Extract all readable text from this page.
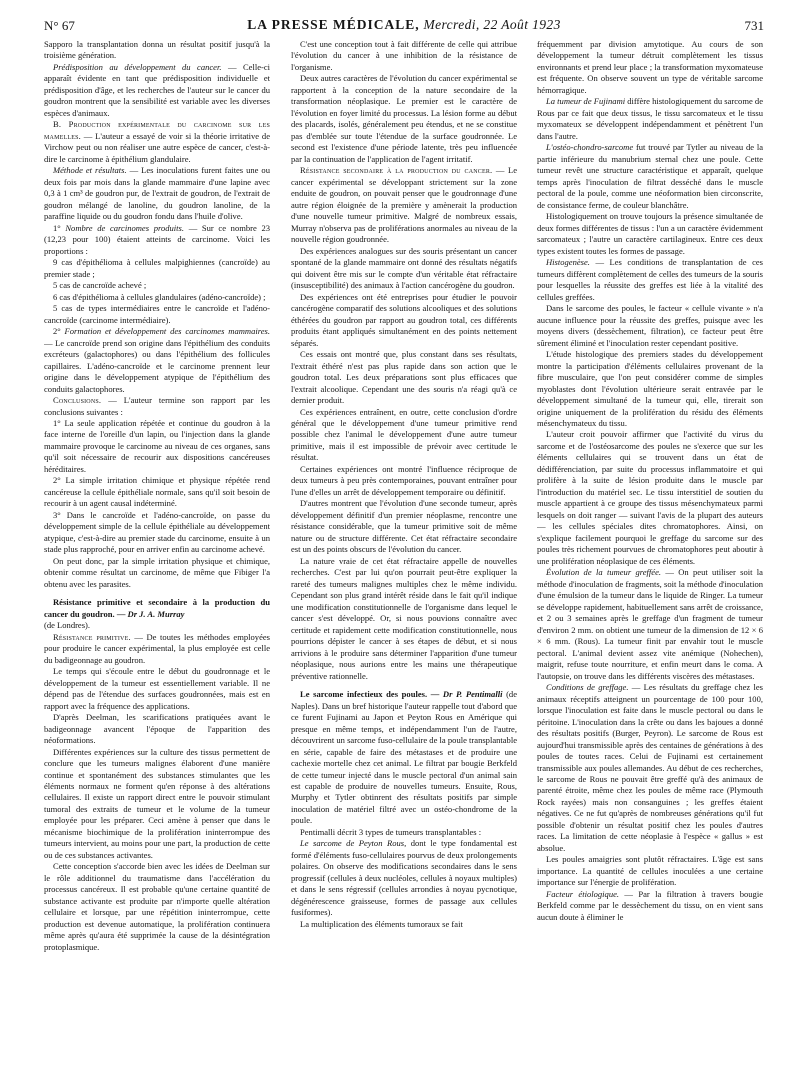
N° 67	LA PRESSE MÉDICALE, Mercredi, 22 Août 1923	731

Sapporo la transplantation donna un résultat positif jusqu'à la troisième génération.

Prédisposition au développement du cancer. — Celle-ci apparaît évidente en tant que prédisposition individuelle et prédisposition d'âge, et les recherches de l'auteur sur le cancer du goudron montrent que la sensibilité est variable avec les diverses espèces d'animaux.

B. Production expérimentale du carcinome sur les mamelles. — L'auteur a essayé de voir si la théorie irritative de Virchow peut ou non réaliser une autre espèce de cancer, c'est-à-dire le carcinome à épithélium glandulaire.

Méthode et résultats. — Les inoculations furent faites une ou deux fois par mois dans la glande mammaire d'une lapine avec 0,3 à 1 cm³ de goudron pur, de l'extrait de goudron, de l'extrait de goudron mélangé de lanoline, du goudron lanoline, de la paraffine liquide ou du goudron fondu dans l'huile d'olive.

1° Nombre de carcinomes produits. — Sur ce nombre 23 (12,23 pour 100) étaient atteints de carcinome. Voici les proportions :

9 cas d'épithélioma à cellules malpighiennes (cancroïde) au premier stade ;

5 cas de cancroïde achevé ;

6 cas d'épithélioma à cellules glandulaires (adéno-cancroïde) ;

5 cas de types intermédiaires entre le cancroïde et l'adéno-cancroïde (carcinome intermédiaire).

2° Formation et développement des carcinomes mammaires. — Le cancroïde prend son origine dans l'épithélium des conduits excréteurs (galactophores) ou dans l'épithélium des follicules capillaires. L'adéno-cancroïde et le carcinome prennent leur origine dans le développement atypique de l'épithélium des conduits galactophores.

Conclusions. — L'auteur termine son rapport par les conclusions suivantes :

1° La seule application répétée et continue du goudron à la face interne de l'oreille d'un lapin, ou l'injection dans la glande mammaire provoque le carcinome au niveau de ces organes, sans qu'il soit nécessaire de recourir aux dispositions cancéreuses héréditaires.

2° La simple irritation chimique et physique répétée rend cancéreuse la cellule épithéliale normale, sans qu'il soit besoin de recourir à un agent causal indéterminé.

3° Dans le cancroïde et l'adéno-cancroïde, on passe du développement simple de la cellule épithéliale au développement atypique, c'est-à-dire au premier stade du carcinome, ensuite à un stade plus rapproché, pour en arriver enfin au carcinome achevé.

On peut donc, par la simple irritation physique et chimique, obtenir comme résultat un carcinome, de même que Fibiger l'a obtenu avec les parasites.

Résistance primitive et secondaire à la production du cancer du goudron. — Dr J. A. Murray

(de Londres).

Résistance primitive. — De toutes les méthodes employées pour produire le cancer expérimental, la plus employée est celle du badigeonnage au goudron.

Le temps qui s'écoule entre le début du goudronnage et le développement de la tumeur est essentiellement variable. Il ne dépend pas de l'étendue des surfaces goudronnées, mais est en rapport avec la fréquence des applications.

D'après Deelman, les scarifications pratiquées avant le badigeonnage avancent l'époque de l'apparition des néoformations.

Différentes expériences sur la culture des tissus permettent de conclure que les tumeurs malignes élaborent d'une manière continue et spontanément des substances stimulantes que les éléments normaux ne forment qu'en réponse à des altérations cellulaires. Il existe un rapport direct entre le pouvoir stimulant tumoral des extraits de tumeur et le volume de la tumeur employée pour les préparer. Ceci amène à penser que dans le mécanisme biochimique de la prolifération ininterrompue des tumeurs intervient, au moins pour une part, la production de cette ou de ces substances activantes.

Cette conception s'accorde bien avec les idées de Deelman sur le rôle additionnel du traumatisme dans l'accélération du processus cancéreux. Il est probable qu'une certaine quantité de substance activante est produite par n'importe quelle altération cellulaire et lorsque, par une répétition ininterrompue, cette production est devenue automatique, la prolifération continuera même après qu'aura été supprimée la cause de la désintégration protoplasmique.

C'est une conception tout à fait différente de celle qui attribue l'évolution du cancer à une inhibition de la résistance de l'organisme.

Deux autres caractères de l'évolution du cancer expérimental se rapportent à la conception de la nature secondaire de la transformation néoplasique. Le premier est le caractère de l'évolution en foyer limité du processus. La lésion forme au début des placards, isolés, généralement peu étendus, et ne se constitue pas d'emblée sur toute l'étendue de la surface goudronnée. Le second est l'existence d'une période latente, très peu influencée par la continuation de l'application de l'agent irritatif.

Résistance secondaire à la production du cancer. — Le cancer expérimental se développant strictement sur la zone enduite de goudron, on pouvait penser que le goudronnage d'une autre région éloignée de la première y amènerait la production d'une nouvelle tumeur primitive. Malgré de nombreux essais, Murray n'observa pas de proliférations anormales au niveau de la nouvelle région goudronnée.

Des expériences analogues sur des souris présentant un cancer spontané de la glande mammaire ont donné des résultats négatifs qui doivent être mis sur le compte d'un véritable état réfractaire (insusceptibilité) des animaux à l'action cancérogène du goudron.

Des expériences ont été entreprises pour étudier le pouvoir cancérogène comparatif des solutions alcooliques et des solutions éthérées du goudron par rapport au goudron total, ces différents produits étant appliqués simultanément en des points nettement séparés.

Ces essais ont montré que, plus constant dans ses résultats, l'extrait éthéré n'est pas plus rapide dans son action que le goudron total. Les deux préparations sont plus efficaces que l'extrait alcoolique. Cependant une des souris n'a réagi qu'à ce dernier produit.

Ces expériences entraînent, en outre, cette conclusion d'ordre général que le développement d'une tumeur primitive rend possible chez l'animal le développement d'une autre tumeur primitive, mais il est impossible de prévoir avec certitude le résultat.

Certaines expériences ont montré l'influence réciproque de deux tumeurs à peu près contemporaines, pouvant entraîner pour l'une d'elles un arrêt de développement temporaire ou définitif.

D'autres montrent que l'évolution d'une seconde tumeur, après développement définitif d'un premier néoplasme, rencontre une résistance considérable, que la tumeur primitive soit de même nature ou de structure différente. Cet état réfractaire secondaire est un des points obscurs de l'évolution du cancer.

La nature vraie de cet état réfractaire appelle de nouvelles recherches. C'est par lui qu'on pourrait peut-être expliquer la rareté des tumeurs malignes multiples chez le même individu. Cependant son plus grand intérêt réside dans le fait qu'il indique une modification constitutionnelle de l'organisme dans lequel le cancer s'est développé. Or, si nous pouvions connaître avec certitude et rapidement cette modification constitutionnelle, nous pourrions dépister le cancer à ses étapes de début, et si nous arrivions à le produire sans déterminer l'apparition d'une tumeur néoplasique, nous aurions entre les mains une thérapeutique préventive rationnelle.

Le sarcome infectieux des poules. — Dr P. Pentimalli (de Naples). Dans un bref historique l'auteur rappelle tout d'abord que ce furent Fujinami au Japon et Peyton Rous en Amérique qui presque en même temps, et indépendamment l'un de l'autre, découvrirent un sarcome fuso-cellulaire de la poule transplantable en série, capable de faire des métastases et de produire une cachexie mortelle chez cet animal. Le filtrat par bougie Berkfeld de cette tumeur injecté dans le muscle pectoral d'un animal sain est capable de produire de nouvelles tumeurs. Ensuite, Rous, Murphy et Tytler obtinrent des résultats positifs par simple inoculation de matériel filtré avec un ostéo-chondrome de la poule.

Pentimalli décrit 3 types de tumeurs transplantables :

Le sarcome de Peyton Rous, dont le type fondamental est formé d'éléments fuso-cellulaires pourvus de deux prolongements polaires. On observe des modifications secondaires dans le sens progressif (cellules à deux nucléoles, cellules à noyaux multiples) et dans le sens régressif (cellules arrondies à noyau pycnotique, dégénérescence graisseuse, formes de passage aux cellules fusiformes).

La multiplication des éléments tumoraux se fait

fréquemment par division amytotique. Au cours de son développement la tumeur détruit complètement les tissus environnants et prend leur place ; la transformation myxomateuse est fréquente. On observe souvent un type de véritable sarcome hémorragique.

La tumeur de Fujinami diffère histologiquement du sarcome de Rous par ce fait que deux tissus, le tissu sarcomateux et le tissu myxomateux se développent indépendamment et pénètrent l'un dans l'autre.

L'ostéo-chondro-sarcome fut trouvé par Tytler au niveau de la partie inférieure du manubrium sternal chez une poule. Cette tumeur revêt une structure caractéristique et apparaît, quelque temps après l'inoculation de filtrat desséché dans le muscle pectoral de la poule, comme une néoformation bien circonscrite, de consistance ferme, de couleur blanchâtre.

Histologiquement on trouve toujours la présence simultanée de deux formes différentes de tissus : l'un a un caractère évidemment sarcomateux ; l'autre un caractère cartilagineux. Entre ces deux types existent toutes les formes de passage.

Histogenèse. — Les conditions de transplantation de ces tumeurs diffèrent complètement de celles des tumeurs de la souris pour lesquelles la réussite des greffes est liée à la vitalité des cellules greffées.

Dans le sarcome des poules, le facteur « cellule vivante » n'a aucune influence pour la réussite des greffes, puisque avec les moyens divers (dessèchement, filtration), ce facteur peut être sûrement éliminé et l'inoculation rester cependant positive.

L'étude histologique des premiers stades du développement montre la participation d'éléments cellulaires provenant de la fibre musculaire, que l'on peut considérer comme de simples myoblastes dont l'évolution ultérieure serait entravée par le développement simultané de la tumeur qui, elle, tirerait son origine uniquement de la prolifération du résidu des éléments mésenchymateux du tissu.

L'auteur croit pouvoir affirmer que l'activité du virus du sarcome et de l'ostéosarcome des poules ne s'exerce que sur les éléments cellulaires qui se trouvent dans un état de dédifférenciation, par suite du processus inflammatoire et qui prolifère à la suite de lésion produite dans le muscle par l'introduction du matériel sec. Le tissu interstitiel de soutien du muscle appartient à ce groupe des tissus mésenchymateux parmi lesquels on doit ranger — suivant l'avis de la plupart des auteurs — les cellules spéciales dites chromatophores. Ainsi, on s'explique facilement pourquoi le greffage du sarcome sur des poules très richement pourvues de chromatophores peut aboutir à une prolifération néoplasique de ces éléments.

Évolution de la tumeur greffée. — On peut utiliser soit la méthode d'inoculation de fragments, soit la méthode d'inoculation d'une émulsion de la tumeur dans le liquide de Ringer. La tumeur se développe rapidement, habituellement sans arrêt de croissance, et 2 ou 3 semaines après le greffage d'un fragment de tumeur d'environ 2 mm. on obtient une tumeur de la dimension de 12 × 6 × 6 mm. (Rous). La tumeur finit par envahir tout le muscle pectoral. L'animal devient assez vite anémique (Nohechen), maigrit, refuse toute nourriture, et enfin meurt dans le coma. A l'autopsie, on trouve dans les différents viscères des métastases.

Conditions de greffage. — Les résultats du greffage chez les animaux réceptifs atteignent un pourcentage de 100 pour 100, lorsque l'inoculation est faite dans le muscle pectoral ou dans le péritoine. L'inoculation dans la crête ou dans les bajoues a donné des résultats positifs (Burger, Peyron). Le sarcome de Rous est aujourd'hui transmissible après des centaines de générations à des poules de toutes races. Celui de Fujinami est certainement transmissible aux poules allemandes. Au début de ces recherches, le sarcome de Rous ne pouvait être greffé qu'à des animaux de parenté étroite, même chez les poules de même race (Plymouth Rock rayées) mais non consanguines ; les greffes étaient négatives. Ce ne fut qu'après de nombreuses générations qu'il fut possible d'obtenir un résultat positif chez les poules d'autres races. La limitation de cette néoplasie à l'espèce « gallus » est absolue.

Les poules amaigries sont plutôt réfractaires. L'âge est sans importance. La quantité de cellules inoculées a une certaine importance sur l'énergie de prolifération.

Facteur étiologique. — Par la filtration à travers bougie Berkfeld comme par le dessèchement du tissu, on en vient sans aucun doute à éliminer le
